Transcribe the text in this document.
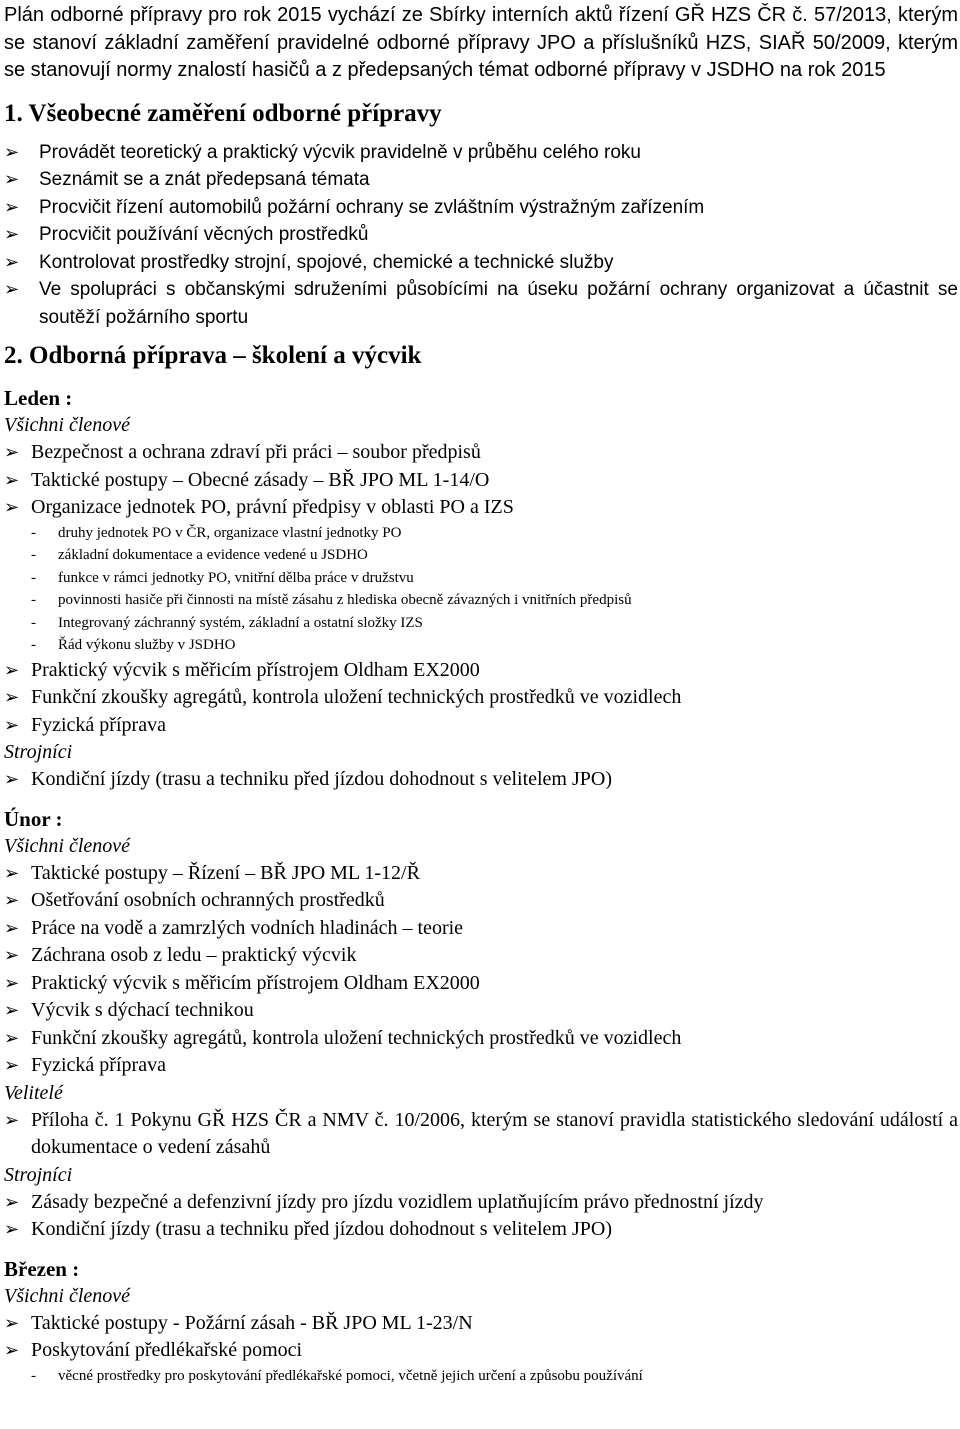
Plán odborné přípravy pro rok 2015 vychází ze Sbírky interních aktů řízení GŘ HZS ČR č. 57/2013, kterým se stanoví základní zaměření pravidelné odborné přípravy JPO a příslušníků HZS, SIAŘ 50/2009, kterým se stanovují normy znalostí hasičů a z předepsaných témat odborné přípravy v JSDHO na rok 2015

1. Všeobecné zaměření odborné přípravy
➢ Provádět teoretický a praktický výcvik pravidelně v průběhu celého roku
➢ Seznámit se a znát předepsaná témata
➢ Procvičit řízení automobilů požární ochrany se zvláštním výstražným zařízením
➢ Procvičit používání věcných prostředků
➢ Kontrolovat prostředky strojní, spojové, chemické a technické služby
➢ Ve spolupráci s občanskými sdruženími působícími na úseku požární ochrany organizovat a účastnit se soutěží požárního sportu
2. Odborná příprava – školení a výcvik

Leden :

Všichni členové

➢ Bezpečnost a ochrana zdraví při práci – soubor předpisů
➢ Taktické postupy – Obecné zásady – BŘ JPO ML 1-14/O
➢ Organizace jednotek PO, právní předpisy v oblasti PO a IZS
- druhy jednotek PO v ČR, organizace vlastní jednotky PO
- základní dokumentace a evidence vedené u JSDHO
- funkce v rámci jednotky PO, vnitřní dělba práce v družstvu
- povinnosti hasiče při činnosti na místě zásahu z hlediska obecně závazných i vnitřních předpisů
- Integrovaný záchranný systém, základní a ostatní složky IZS
- Řád výkonu služby v JSDHO
➢ Praktický výcvik s měřicím přístrojem Oldham EX2000
➢ Funkční zkoušky agregátů, kontrola uložení technických prostředků ve vozidlech
➢ Fyzická příprava

Strojníci

➢ Kondiční jízdy (trasu a techniku před jízdou dohodnout s velitelem JPO)

Únor :

Všichni členové

➢ Taktické postupy – Řízení – BŘ JPO ML 1-12/Ř
➢ Ošetřování osobních ochranných prostředků
➢ Práce na vodě a zamrzlých vodních hladinách – teorie
➢ Záchrana osob z ledu – praktický výcvik
➢ Praktický výcvik s měřicím přístrojem Oldham EX2000
➢ Výcvik s dýchací technikou
➢ Funkční zkoušky agregátů, kontrola uložení technických prostředků ve vozidlech
➢ Fyzická příprava

Velitelé

➢ Příloha č. 1 Pokynu GŘ HZS ČR a NMV č. 10/2006, kterým se stanoví pravidla statistického sledování událostí a dokumentace o vedení zásahů

Strojníci

➢ Zásady bezpečné a defenzivní jízdy pro jízdu vozidlem uplatňujícím právo přednostní jízdy
➢ Kondiční jízdy (trasu a techniku před jízdou dohodnout s velitelem JPO)

Březen :

Všichni členové

➢ Taktické postupy - Požární zásah - BŘ JPO ML 1-23/N
➢ Poskytování předlékařské pomoci
- věcné prostředky pro poskytování předlékařské pomoci, včetně jejich určení a způsobu používání
